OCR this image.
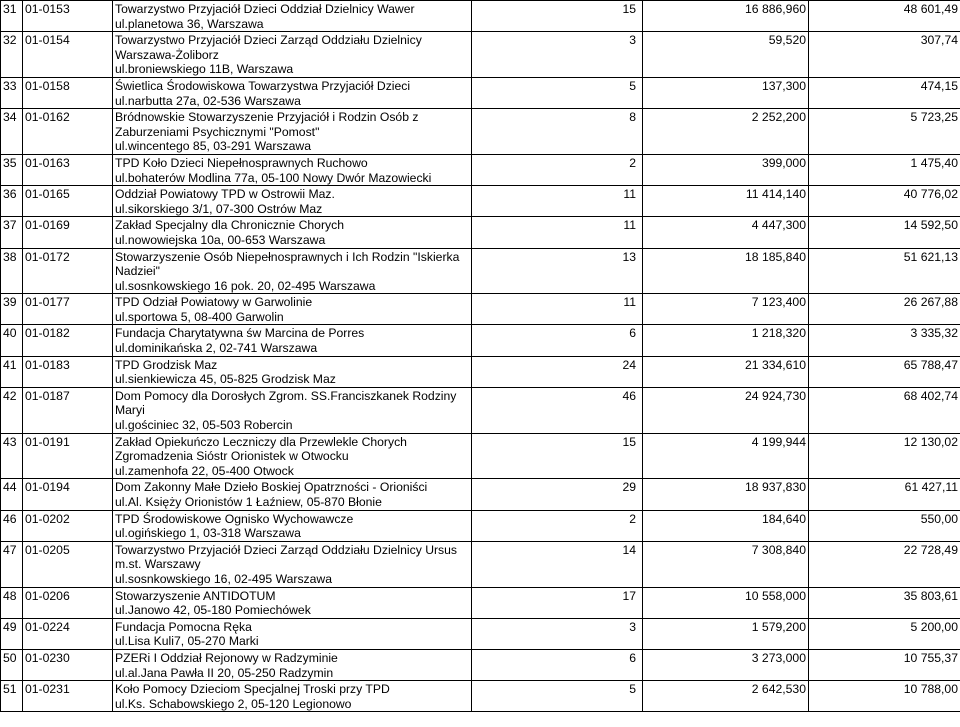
31	01-0153	Towarzystwo Przyjaciół Dzieci Oddział Dzielnicy Wawer
ul.planetowa 36, Warszawa	15	16 886,960	48 601,49
32	01-0154	Towarzystwo Przyjaciół Dzieci Zarząd Oddziału Dzielnicy Warszawa-Żoliborz
ul.broniewskiego 11B, Warszawa	3	59,520	307,74
33	01-0158	Świetlica Środowiskowa Towarzystwa Przyjaciół Dzieci
ul.narbutta 27a, 02-536 Warszawa	5	137,300	474,15
34	01-0162	Bródnowskie Stowarzyszenie Przyjaciół i Rodzin Osób z Zaburzeniami Psychicznymi "Pomost"
ul.wincentego 85, 03-291 Warszawa	8	2 252,200	5 723,25
35	01-0163	TPD Koło Dzieci Niepełnosprawnych Ruchowo
ul.bohaterów Modlina 77a, 05-100 Nowy Dwór Mazowiecki	2	399,000	1 475,40
36	01-0165	Oddział Powiatowy TPD w Ostrowii Maz.
ul.sikorskiego 3/1, 07-300 Ostrów Maz	11	11 414,140	40 776,02
37	01-0169	Zakład Specjalny dla Chronicznie Chorych
ul.nowowiejska 10a, 00-653 Warszawa	11	4 447,300	14 592,50
38	01-0172	Stowarzyszenie Osób Niepełnosprawnych i Ich Rodzin "Iskierka Nadziei"
ul.sosnkowskiego 16 pok. 20, 02-495 Warszawa	13	18 185,840	51 621,13
39	01-0177	TPD Odział Powiatowy w Garwolinie
ul.sportowa 5, 08-400 Garwolin	11	7 123,400	26 267,88
40	01-0182	Fundacja Charytatywna św Marcina de Porres
ul.dominikańska 2, 02-741 Warszawa	6	1 218,320	3 335,32
41	01-0183	TPD Grodzisk Maz
ul.sienkiewicza 45, 05-825 Grodzisk Maz	24	21 334,610	65 788,47
42	01-0187	Dom Pomocy dla Dorosłych Zgrom. SS.Franciszkanek Rodziny Maryi
ul.gościniec 32, 05-503 Robercin	46	24 924,730	68 402,74
43	01-0191	Zakład Opiekuńczo Leczniczy dla Przewlekle Chorych Zgromadzenia Sióstr Orionistek w Otwocku
ul.zamenhofa 22, 05-400 Otwock	15	4 199,944	12 130,02
44	01-0194	Dom Zakonny Małe Dzieło Boskiej Opatrzności - Orioniści
ul.Al. Księży Orionistów 1 Łaźniew, 05-870 Błonie	29	18 937,830	61 427,11
46	01-0202	TPD Środowiskowe Ognisko Wychowawcze
ul.ogińskiego 1, 03-318 Warszawa	2	184,640	550,00
47	01-0205	Towarzystwo Przyjaciół Dzieci Zarząd Oddziału Dzielnicy Ursus m.st. Warszawy
ul.sosnkowskiego 16, 02-495 Warszawa	14	7 308,840	22 728,49
48	01-0206	Stowarzyszenie ANTIDOTUM
ul.Janowo 42, 05-180 Pomiechówek	17	10 558,000	35 803,61
49	01-0224	Fundacja Pomocna Ręka
ul.Lisa Kuli7, 05-270 Marki	3	1 579,200	5 200,00
50	01-0230	PZERi I Oddział Rejonowy w Radzyminie
ul.al.Jana Pawła II 20, 05-250 Radzymin	6	3 273,000	10 755,37
51	01-0231	Koło Pomocy Dzieciom Specjalnej Troski przy TPD
ul.Ks. Schabowskiego 2, 05-120 Legionowo	5	2 642,530	10 788,00
